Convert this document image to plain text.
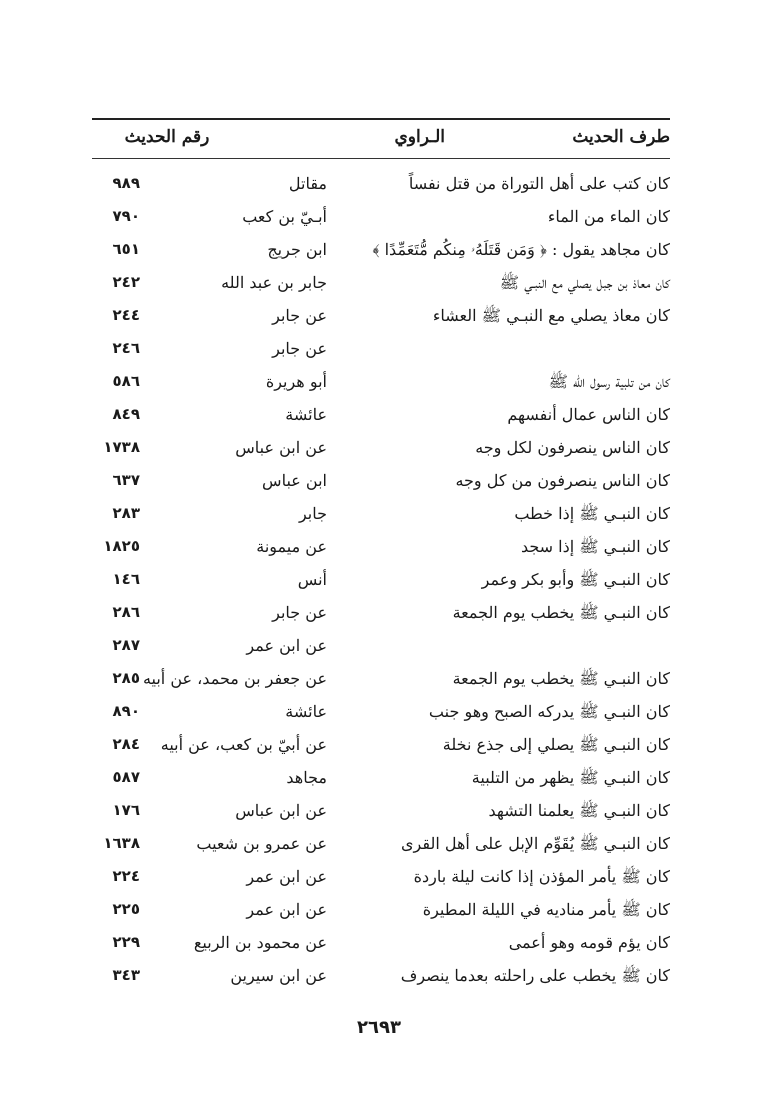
طرف الحديث
الـراوي
رقم الحديث
كان كتب على أهل التوراة من قتل نفساً
مقاتل
٩٨٩
كان الماء من الماء
أبـيّ بن كعب
٧٩٠
كان مجاهد يقول : ﴿ وَمَن قَتَلَهُۥ مِنكُم مُّتَعَمِّدًا ﴾
ابن جريج
٦٥١
كان معاذ بن جبل يصلي مع النبـي ﷺ
جابر بن عبد الله
٢٤٢
كان معاذ يصلي مع النبـي ﷺ العشاء
عن جابر
٢٤٤
عن جابر
٢٤٦
كان من تلبية رسول الله ﷺ
أبو هريرة
٥٨٦
كان الناس عمال أنفسهم
عائشة
٨٤٩
كان الناس ينصرفون لكل وجه
عن ابن عباس
١٧٣٨
كان الناس ينصرفون من كل وجه
ابن عباس
٦٣٧
كان النبـي ﷺ إذا خطب
جابر
٢٨٣
كان النبـي ﷺ إذا سجد
عن ميمونة
١٨٢٥
كان النبـي ﷺ وأبو بكر وعمر
أنس
١٤٦
كان النبـي ﷺ يخطب يوم الجمعة
عن جابر
٢٨٦
عن ابن عمر
٢٨٧
كان النبـي ﷺ يخطب يوم الجمعة
عن جعفر بن محمد، عن أبيه
٢٨٥
كان النبـي ﷺ يدركه الصبح وهو جنب
عائشة
٨٩٠
كان النبـي ﷺ يصلي إلى جذع نخلة
عن أبيّ بن كعب، عن أبيه
٢٨٤
كان النبـي ﷺ يظهر من التلبية
مجاهد
٥٨٧
كان النبـي ﷺ يعلمنا التشهد
عن ابن عباس
١٧٦
كان النبـي ﷺ يُقَوِّم الإبل على أهل القرى
عن عمرو بن شعيب
١٦٣٨
كان ﷺ يأمر المؤذن إذا كانت ليلة باردة
عن ابن عمر
٢٢٤
كان ﷺ يأمر مناديه في الليلة المطيرة
عن ابن عمر
٢٢٥
كان يؤم قومه وهو أعمى
عن محمود بن الربيع
٢٢٩
كان ﷺ يخطب على راحلته بعدما ينصرف
عن ابن سيرين
٣٤٣
٢٦٩٣
